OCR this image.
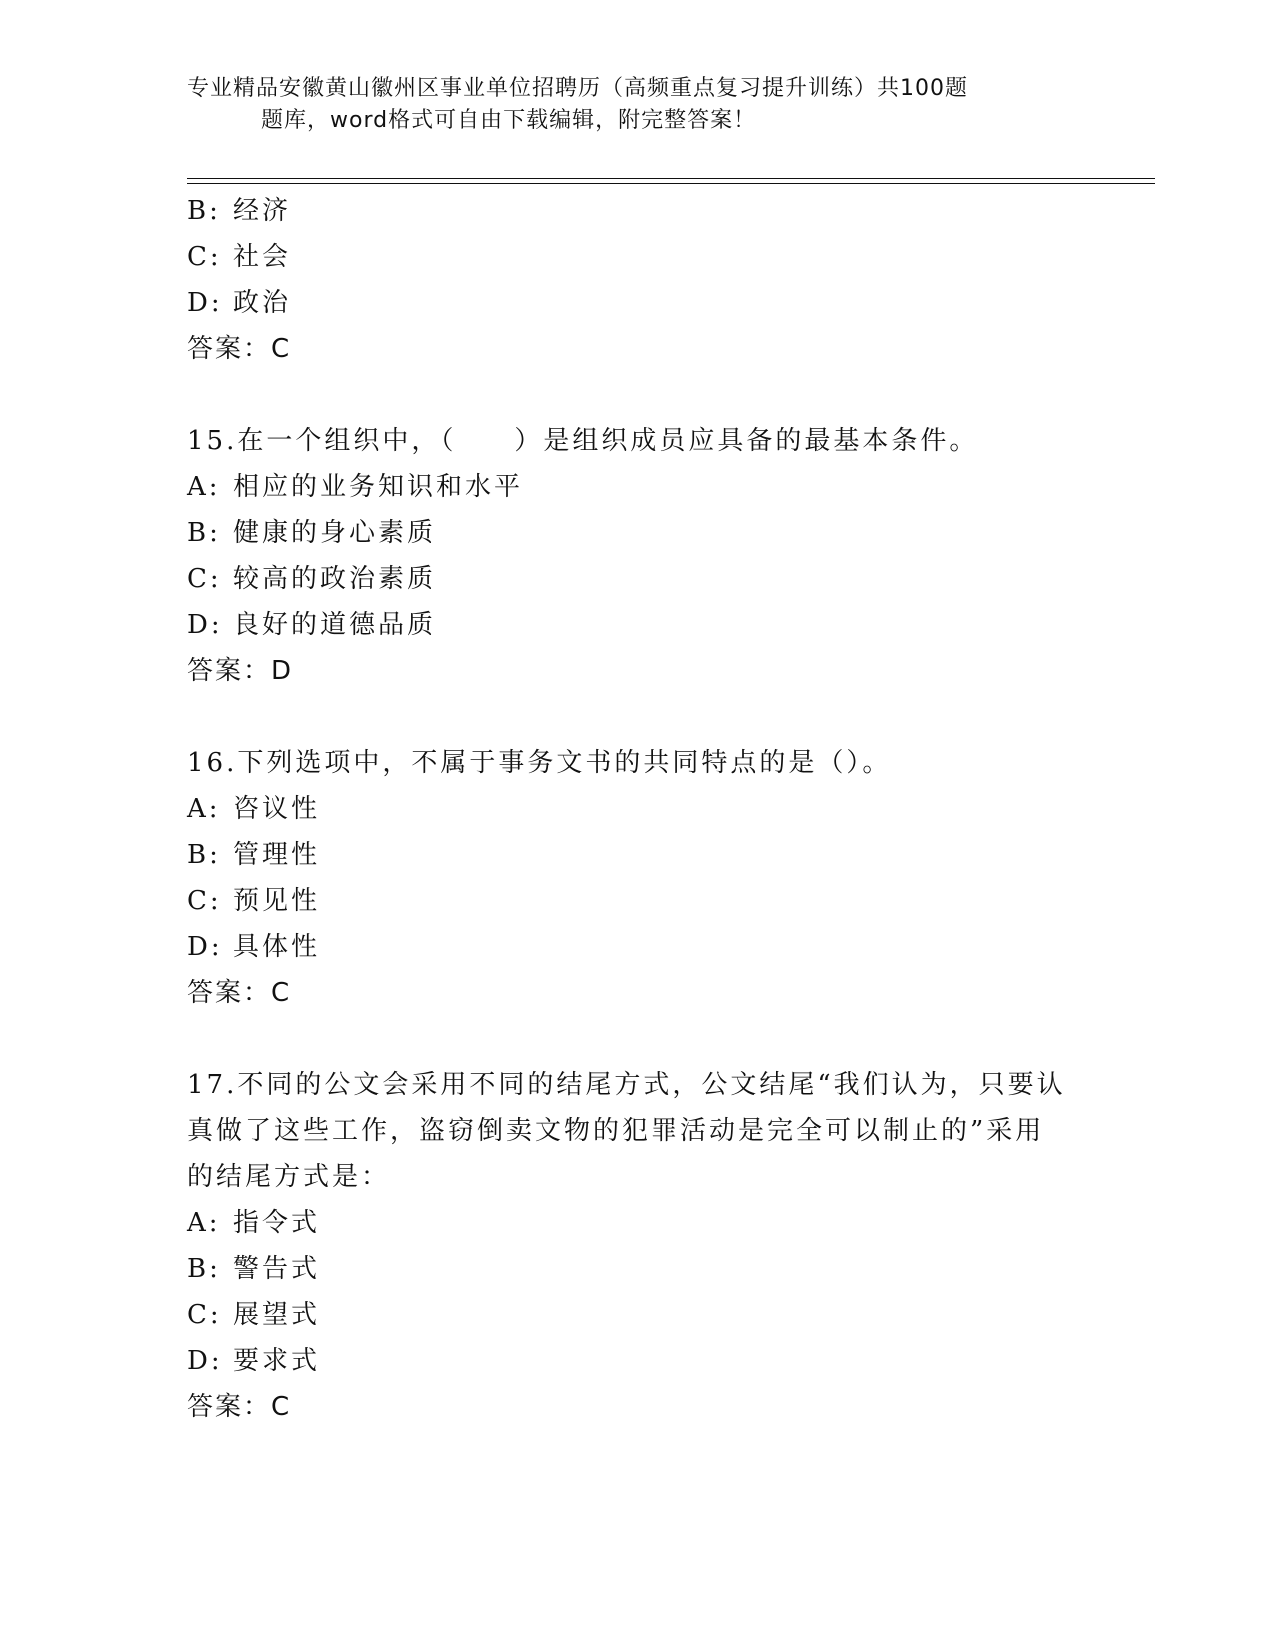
专业精品安徽黄山徽州区事业单位招聘历（高频重点复习提升训练）共100题
题库，word格式可自由下载编辑，附完整答案！
B: 经济
C: 社会
D: 政治
答案：C
15.在一个组织中，（　　）是组织成员应具备的最基本条件。
A: 相应的业务知识和水平
B: 健康的身心素质
C: 较高的政治素质
D: 良好的道德品质
答案：D
16.下列选项中，不属于事务文书的共同特点的是（）。
A: 咨议性
B: 管理性
C: 预见性
D: 具体性
答案：C
17.不同的公文会采用不同的结尾方式，公文结尾“我们认为，只要认
真做了这些工作，盗窃倒卖文物的犯罪活动是完全可以制止的”采用
的结尾方式是：
A: 指令式
B: 警告式
C: 展望式
D: 要求式
答案：C
